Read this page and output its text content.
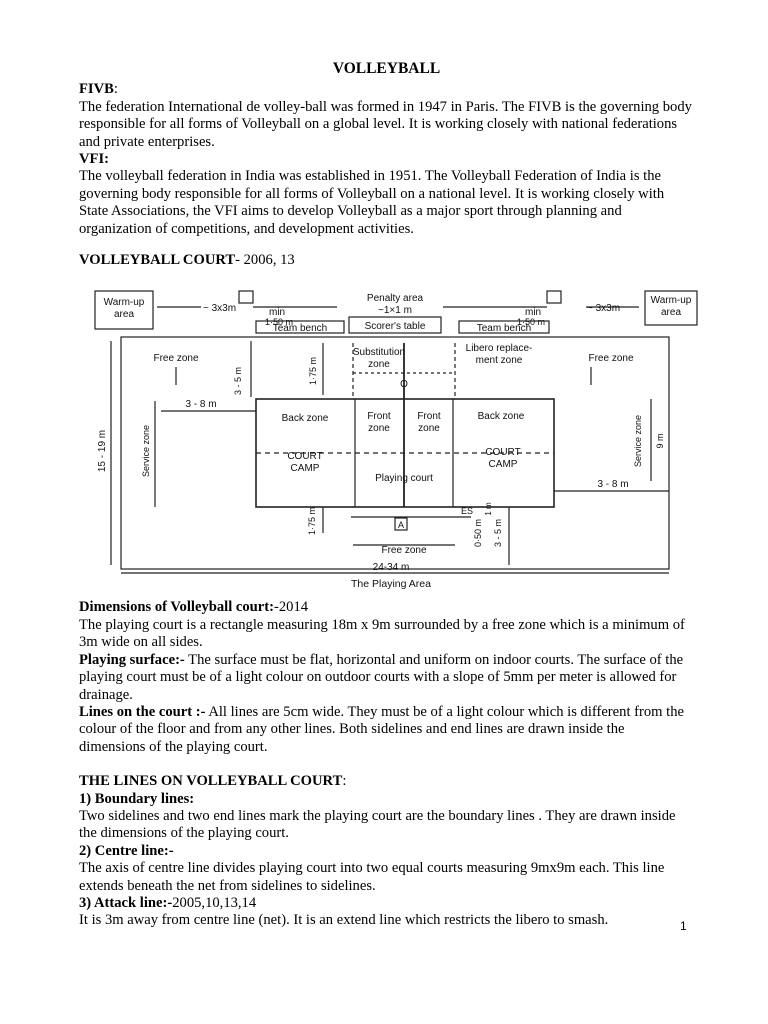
VOLLEYBALL

FIVB:

The federation International de volley-ball was formed in 1947 in Paris. The FIVB is the governing body responsible for all forms of Volleyball on a global level. It is working closely with national federations and private enterprises.

VFI:

The volleyball federation in India was established in 1951. The Volleyball Federation of India is the governing body responsible for all forms of Volleyball on a national level. It is working closely with State Associations, the VFI aims to develop Volleyball as a major sport through planning and organization of competitions, and development activities.

VOLLEYBALL COURT- 2006, 13

Warm-up area
Warm-up area
~ 3x3m	~ 3x3m
Penalty area
~1×1 m
min
1·50 m
min
1·50 m
Team bench	Scorer's table	Team bench
Free zone	Free zone
Free zone
Substitution zone
Libero replace-ment zone
O
3 - 5 m	1·75 m
3 - 8 m
3 - 8 m
15 - 19 m	Service zone	Service zone 9 m
Back zone	Back zone
Front zone
Front zone
COURT CAMP
COURT CAMP
Playing court
1·75 m	0·50 m 3 - 5 m
1 m
A
ES
24-34 m
The Playing Area

Dimensions of Volleyball court:-2014

The playing court is a rectangle measuring 18m x 9m surrounded by a free zone which is a minimum of 3m wide on all sides.

Playing surface:- The surface must be flat, horizontal and uniform on indoor courts. The surface of the playing court must be of a light colour on outdoor courts with a slope of 5mm per meter is allowed for drainage.

Lines on the court :- All lines are 5cm wide. They must be of a light colour which is different from the colour of the floor and from any other lines. Both sidelines and end lines are drawn inside the dimensions of the playing court.

THE LINES ON VOLLEYBALL COURT:

1) Boundary lines:

Two sidelines and two end lines mark the playing court are the boundary lines . They are drawn inside the dimensions of the playing court.

2) Centre line:-

The axis of centre line divides playing court into two equal courts measuring 9mx9m each. This line extends beneath the net from sidelines to sidelines.

3) Attack line:-2005,10,13,14

It is 3m away from centre line (net). It is an extend line which restricts the libero to smash.	1
